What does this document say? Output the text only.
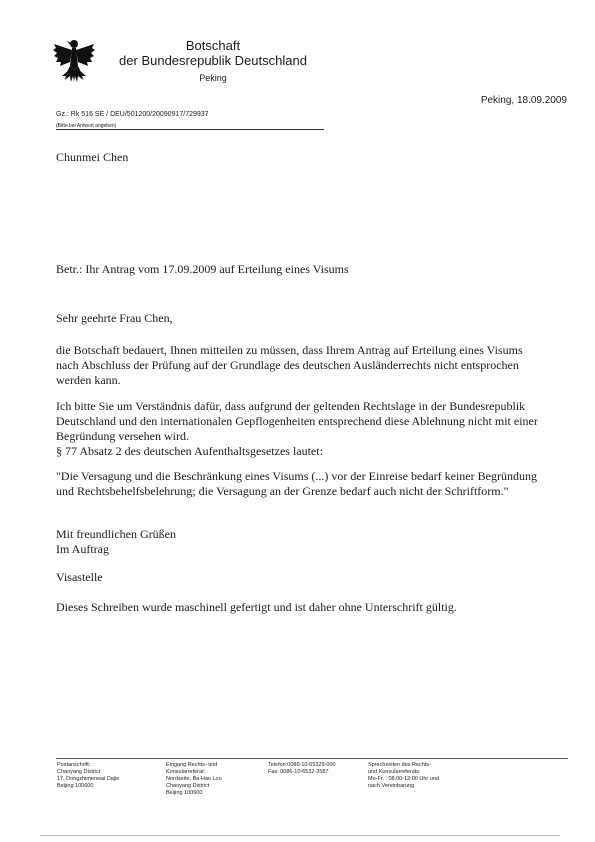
Botschaft
der Bundesrepublik Deutschland
Peking
Peking, 18.09.2009
Gz.: Rk 516 SE / DEU/501200/20090917/729937
(Bitte bei Antwort angeben)
Chunmei Chen
Betr.: Ihr Antrag vom 17.09.2009 auf Erteilung eines Visums
Sehr geehrte Frau Chen,
die Botschaft bedauert, Ihnen mitteilen zu müssen, dass Ihrem Antrag auf Erteilung eines Visums nach Abschluss der Prüfung auf der Grundlage des deutschen Ausländerrechts nicht entsprochen werden kann.
Ich bitte Sie um Verständnis dafür, dass aufgrund der geltenden Rechtslage in der Bundesrepublik Deutschland und den internationalen Gepflogenheiten entsprechend diese Ablehnung nicht mit einer Begründung versehen wird.
§ 77 Absatz 2 des deutschen Aufenthaltsgesetzes lautet:
"Die Versagung und die Beschränkung eines Visums (...) vor der Einreise bedarf keiner Begründung und Rechtsbehelfsbelehrung; die Versagung an der Grenze bedarf auch nicht der Schriftform."
Mit freundlichen Grüßen
Im Auftrag
Visastelle
Dieses Schreiben wurde maschinell gefertigt und ist daher ohne Unterschrift gültig.
Postanschrift:
Chaoyang District
17, Dongzhimenwai Dajie
Beijing 100600
Eingang Rechts- und
Konsularreferat:
Nordseite, Ba Hao Lou
Chaoyang District
Beijing 100600
Telefon:0086-10-65329-000
Fax: 0086-10-6532-3587
Sprechzeiten des Rechts-
und Konsularreferats:
Mo-Fr. : 08:00-12:00 Uhr und
nach Vereinbarung
